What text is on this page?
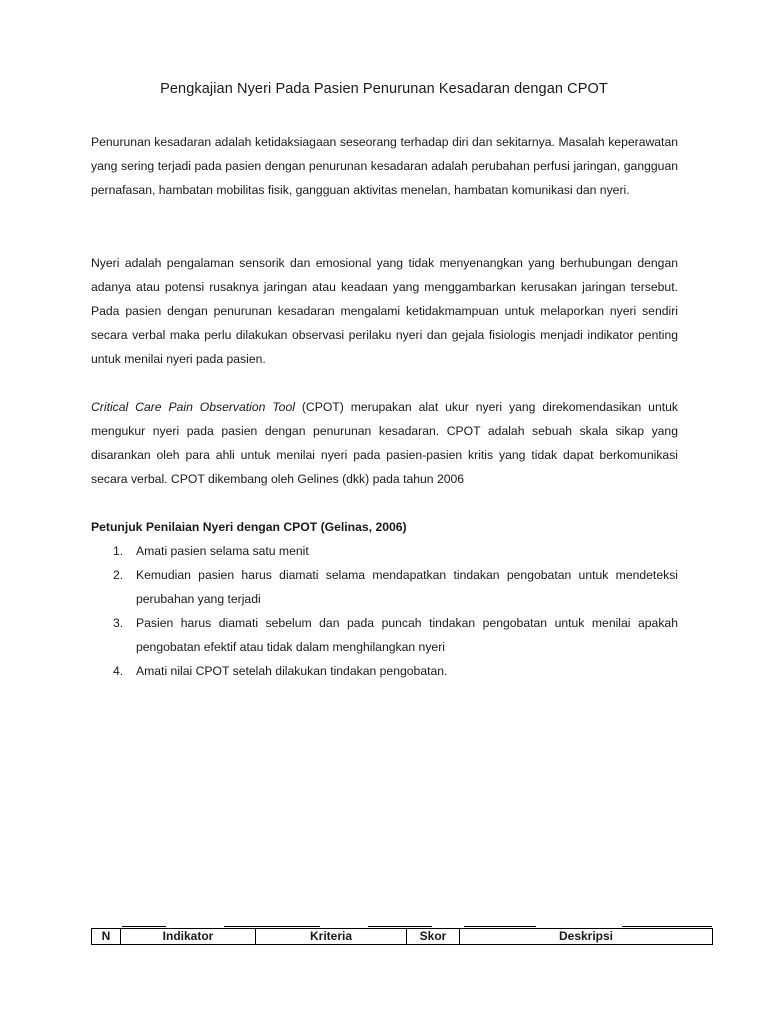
Pengkajian Nyeri Pada Pasien Penurunan Kesadaran dengan CPOT

Penurunan kesadaran adalah ketidaksiagaan seseorang terhadap diri dan sekitarnya. Masalah keperawatan yang sering terjadi pada pasien dengan penurunan kesadaran adalah perubahan perfusi jaringan, gangguan pernafasan, hambatan mobilitas fisik, gangguan aktivitas menelan, hambatan komunikasi dan nyeri.

Nyeri adalah pengalaman sensorik dan emosional yang tidak menyenangkan yang berhubungan dengan adanya atau potensi rusaknya jaringan atau keadaan yang menggambarkan kerusakan jaringan tersebut. Pada pasien dengan penurunan kesadaran mengalami ketidakmampuan untuk melaporkan nyeri sendiri secara verbal maka perlu dilakukan observasi perilaku nyeri dan gejala fisiologis menjadi indikator penting untuk menilai nyeri pada pasien.

Critical Care Pain Observation Tool (CPOT) merupakan alat ukur nyeri yang direkomendasikan untuk mengukur nyeri pada pasien dengan penurunan kesadaran. CPOT adalah sebuah skala sikap yang disarankan oleh para ahli untuk menilai nyeri pada pasien-pasien kritis yang tidak dapat berkomunikasi secara verbal. CPOT dikembang oleh Gelines (dkk) pada tahun 2006

Petunjuk Penilaian Nyeri dengan CPOT (Gelinas, 2006)
1. Amati pasien selama satu menit
2. Kemudian pasien harus diamati selama mendapatkan tindakan pengobatan untuk mendeteksi perubahan yang terjadi
3. Pasien harus diamati sebelum dan pada puncah tindakan pengobatan untuk menilai apakah pengobatan efektif atau tidak dalam menghilangkan nyeri
4. Amati nilai CPOT setelah dilakukan tindakan pengobatan.
N	Indikator	Kriteria	Skor	Deskripsi
